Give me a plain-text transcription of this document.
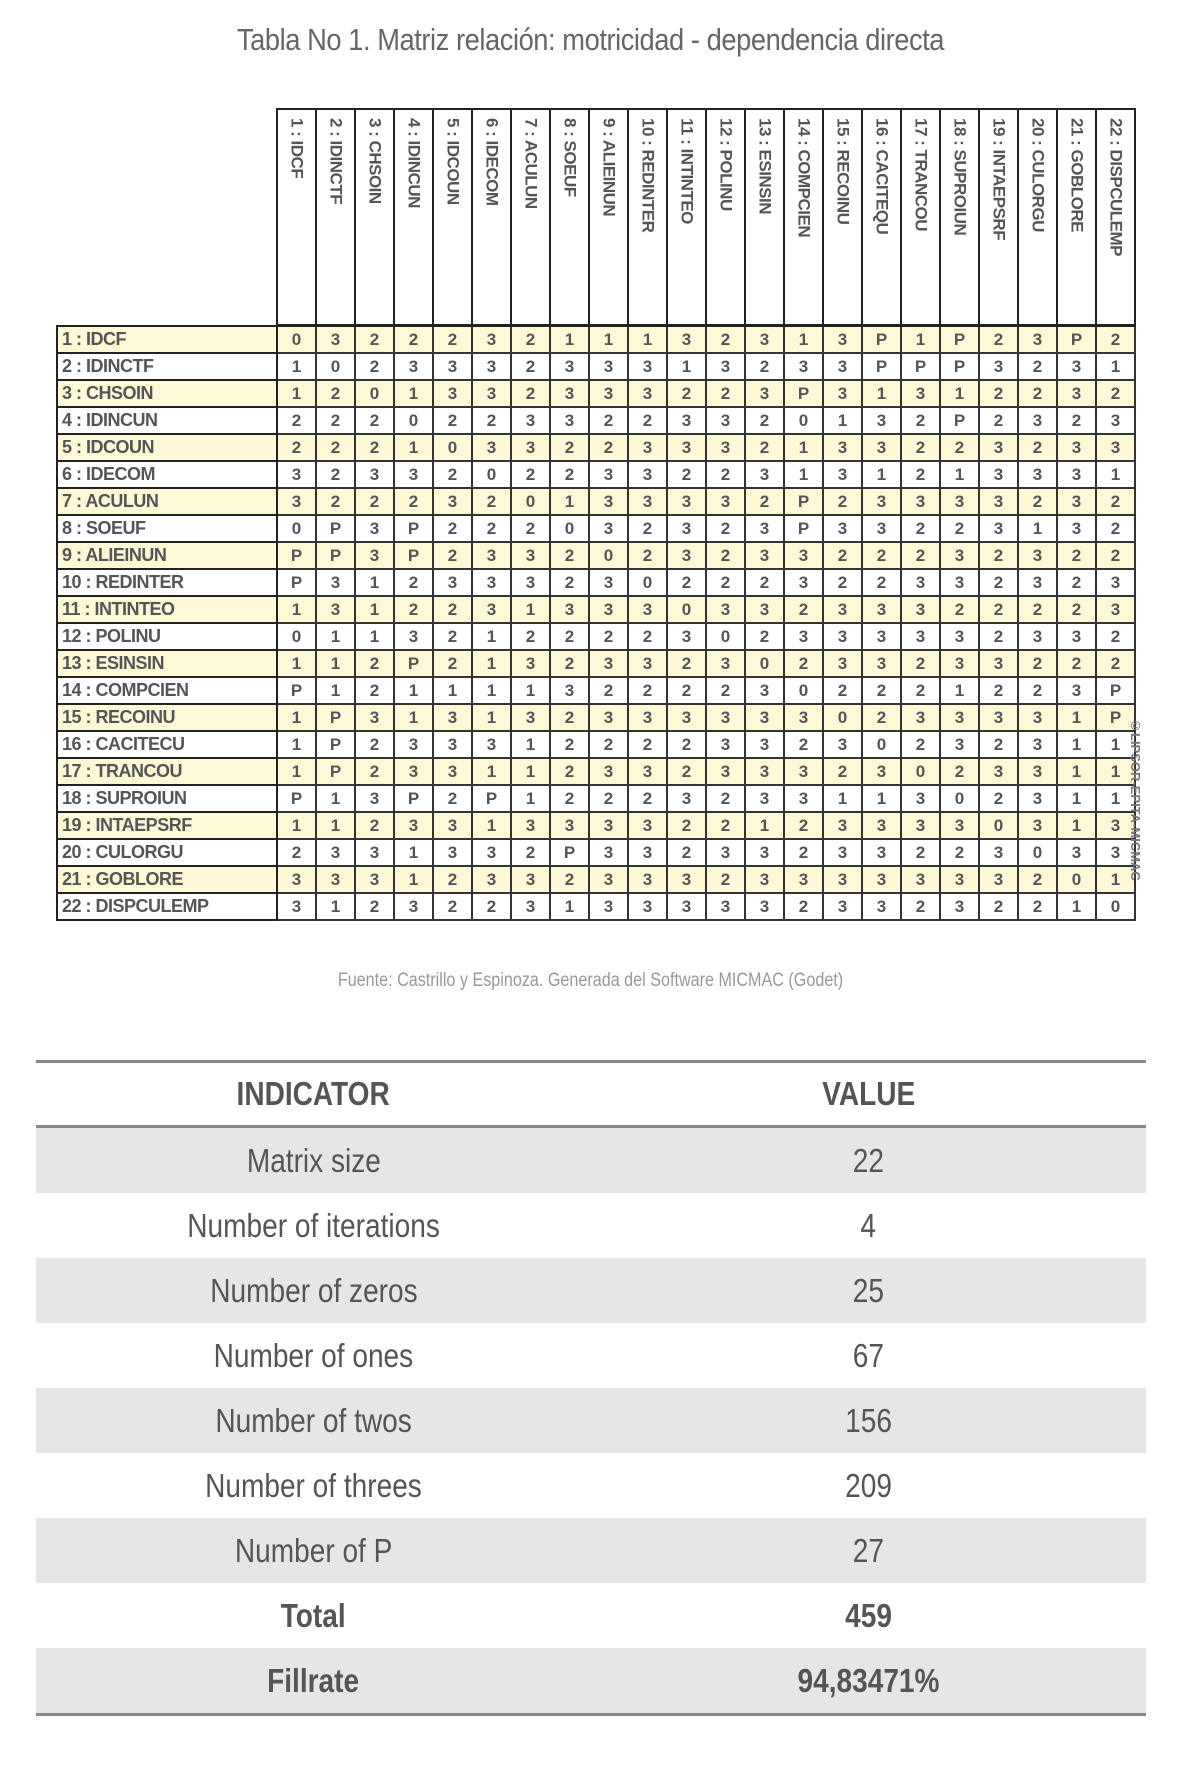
Tabla No 1. Matriz relación: motricidad - dependencia directa

	1 : IDCF	2 : IDINCTF	3 : CHSOIN	4 : IDINCUN	5 : IDCOUN	6 : IDECOM	7 : ACULUN	8 : SOEUF	9 : ALIEINUN	10 : REDINTER	11 : INTINTEO	12 : POLINU	13 : ESINSIN	14 : COMPCIEN	15 : RECOINU	16 : CACITEQU	17 : TRANCOU	18 : SUPROIUN	19 : INTAEPSRF	20 : CULORGU	21 : GOBLORE	22 : DISPCULEMP

1 : IDCF	0	3	2	2	2	3	2	1	1	1	3	2	3	1	3	P	1	P	2	3	P	2
2 : IDINCTF	1	0	2	3	3	3	2	3	3	3	1	3	2	3	3	P	P	P	3	2	3	1
3 : CHSOIN	1	2	0	1	3	3	2	3	3	3	2	2	3	P	3	1	3	1	2	2	3	2
4 : IDINCUN	2	2	2	0	2	2	3	3	2	2	3	3	2	0	1	3	2	P	2	3	2	3
5 : IDCOUN	2	2	2	1	0	3	3	2	2	3	3	3	2	1	3	3	2	2	3	2	3	3
6 : IDECOM	3	2	3	3	2	0	2	2	3	3	2	2	3	1	3	1	2	1	3	3	3	1
7 : ACULUN	3	2	2	2	3	2	0	1	3	3	3	3	2	P	2	3	3	3	3	2	3	2
8 : SOEUF	0	P	3	P	2	2	2	0	3	2	3	2	3	P	3	3	2	2	3	1	3	2
9 : ALIEINUN	P	P	3	P	2	3	3	2	0	2	3	2	3	3	2	2	2	3	2	3	2	2
10 : REDINTER	P	3	1	2	3	3	3	2	3	0	2	2	2	3	2	2	3	3	2	3	2	3
11 : INTINTEO	1	3	1	2	2	3	1	3	3	3	0	3	3	2	3	3	3	2	2	2	2	3
12 : POLINU	0	1	1	3	2	1	2	2	2	2	3	0	2	3	3	3	3	3	2	3	3	2
13 : ESINSIN	1	1	2	P	2	1	3	2	3	3	2	3	0	2	3	3	2	3	3	2	2	2
14 : COMPCIEN	P	1	2	1	1	1	1	3	2	2	2	2	3	0	2	2	2	1	2	2	3	P
15 : RECOINU	1	P	3	1	3	1	3	2	3	3	3	3	3	3	0	2	3	3	3	3	1	P
16 : CACITECU	1	P	2	3	3	3	1	2	2	2	2	3	3	2	3	0	2	3	2	3	1	1
17 : TRANCOU	1	P	2	3	3	1	1	2	3	3	2	3	3	3	2	3	0	2	3	3	1	1
18 : SUPROIUN	P	1	3	P	2	P	1	2	2	2	3	2	3	3	1	1	3	0	2	3	1	1
19 : INTAEPSRF	1	1	2	3	3	1	3	3	3	3	2	2	1	2	3	3	3	3	0	3	1	3
20 : CULORGU	2	3	3	1	3	3	2	P	3	3	2	3	3	2	3	3	2	2	3	0	3	3
21 : GOBLORE	3	3	3	1	2	3	3	2	3	3	3	2	3	3	3	3	3	3	3	2	0	1
22 : DISPCULEMP	3	1	2	3	2	2	3	1	3	3	3	3	3	2	3	3	2	3	2	2	1	0
©LIPSOR-EPITA-MICMAC
Fuente: Castrillo y Espinoza. Generada del Software MICMAC (Godet)
INDICATOR	VALUE
Matrix size	22
Number of iterations	4
Number of zeros	25
Number of ones	67
Number of twos	156
Number of threes	209
Number of P	27
Total	459
Fillrate	94,83471%
